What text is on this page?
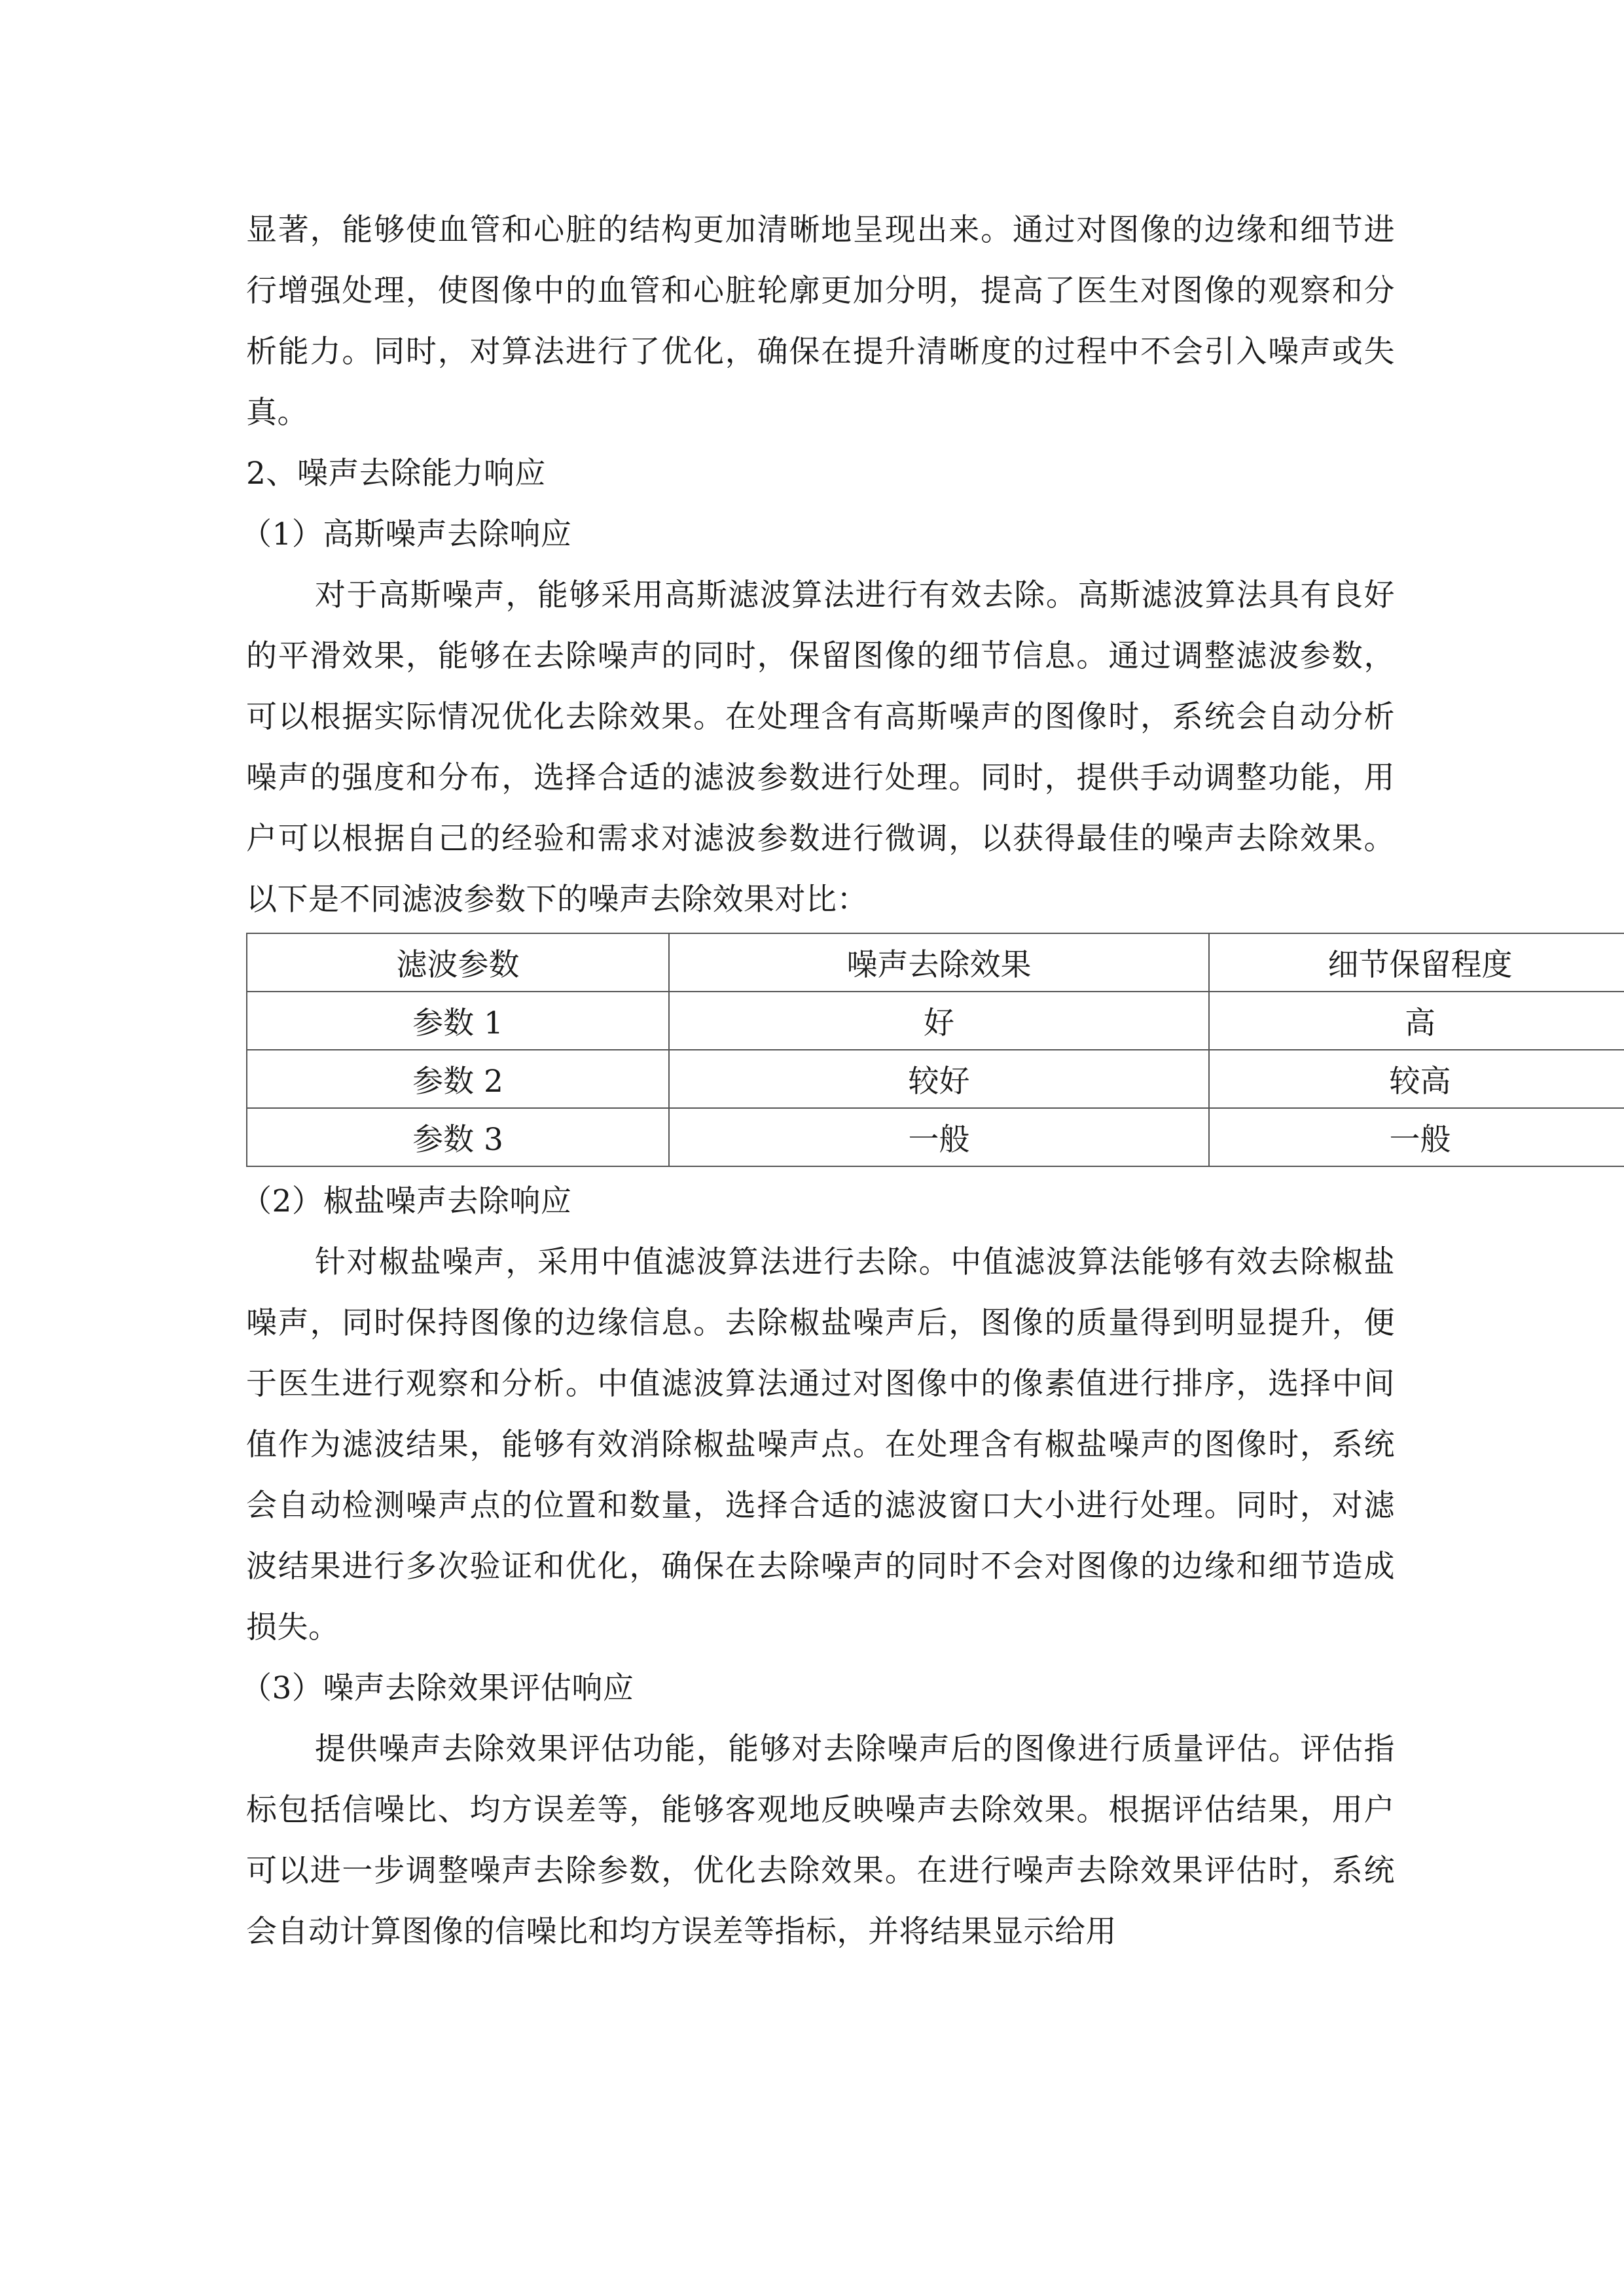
显著，能够使血管和心脏的结构更加清晰地呈现出来。通过对图像的边缘和细节进行增强处理，使图像中的血管和心脏轮廓更加分明，提高了医生对图像的观察和分析能力。同时，对算法进行了优化，确保在提升清晰度的过程中不会引入噪声或失真。

2、噪声去除能力响应

（1）高斯噪声去除响应

对于高斯噪声，能够采用高斯滤波算法进行有效去除。高斯滤波算法具有良好的平滑效果，能够在去除噪声的同时，保留图像的细节信息。通过调整滤波参数，可以根据实际情况优化去除效果。在处理含有高斯噪声的图像时，系统会自动分析噪声的强度和分布，选择合适的滤波参数进行处理。同时，提供手动调整功能，用户可以根据自己的经验和需求对滤波参数进行微调，以获得最佳的噪声去除效果。以下是不同滤波参数下的噪声去除效果对比：

滤波参数	噪声去除效果	细节保留程度
参数 1	好	高
参数 2	较好	较高
参数 3	一般	一般

（2）椒盐噪声去除响应

针对椒盐噪声，采用中值滤波算法进行去除。中值滤波算法能够有效去除椒盐噪声，同时保持图像的边缘信息。去除椒盐噪声后，图像的质量得到明显提升，便于医生进行观察和分析。中值滤波算法通过对图像中的像素值进行排序，选择中间值作为滤波结果，能够有效消除椒盐噪声点。在处理含有椒盐噪声的图像时，系统会自动检测噪声点的位置和数量，选择合适的滤波窗口大小进行处理。同时，对滤波结果进行多次验证和优化，确保在去除噪声的同时不会对图像的边缘和细节造成损失。

（3）噪声去除效果评估响应

提供噪声去除效果评估功能，能够对去除噪声后的图像进行质量评估。评估指标包括信噪比、均方误差等，能够客观地反映噪声去除效果。根据评估结果，用户可以进一步调整噪声去除参数，优化去除效果。在进行噪声去除效果评估时，系统会自动计算图像的信噪比和均方误差等指标，并将结果显示给用
